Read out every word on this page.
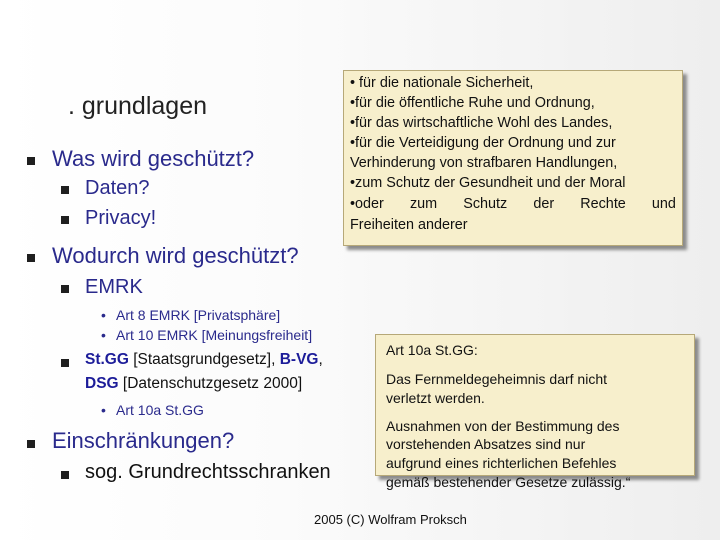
. grundlagen
Was wird geschützt?
Daten?
Privacy!
Wodurch wird geschützt?
EMRK
• Art 8 EMRK [Privatsphäre]
• Art 10 EMRK [Meinungsfreiheit]
St.GG [Staatsgrundgesetz], B-VG,
DSG [Datenschutzgesetz 2000]
• Art 10a St.GG
Einschränkungen?
sog. Grundrechtsschranken
• für die nationale Sicherheit,
•für die öffentliche Ruhe und Ordnung,
•für das wirtschaftliche Wohl des Landes,
•für die Verteidigung der Ordnung und zur
Verhinderung von strafbaren Handlungen,
•zum Schutz der Gesundheit und der Moral
•oder zum Schutz der Rechte und
Freiheiten anderer
Art 10a St.GG:
Das Fernmeldegeheimnis darf nicht
verletzt werden.
Ausnahmen von der Bestimmung des
vorstehenden Absatzes sind nur
aufgrund eines richterlichen Befehles
gemäß bestehender Gesetze zulässig.“
2005 (C) Wolfram Proksch
